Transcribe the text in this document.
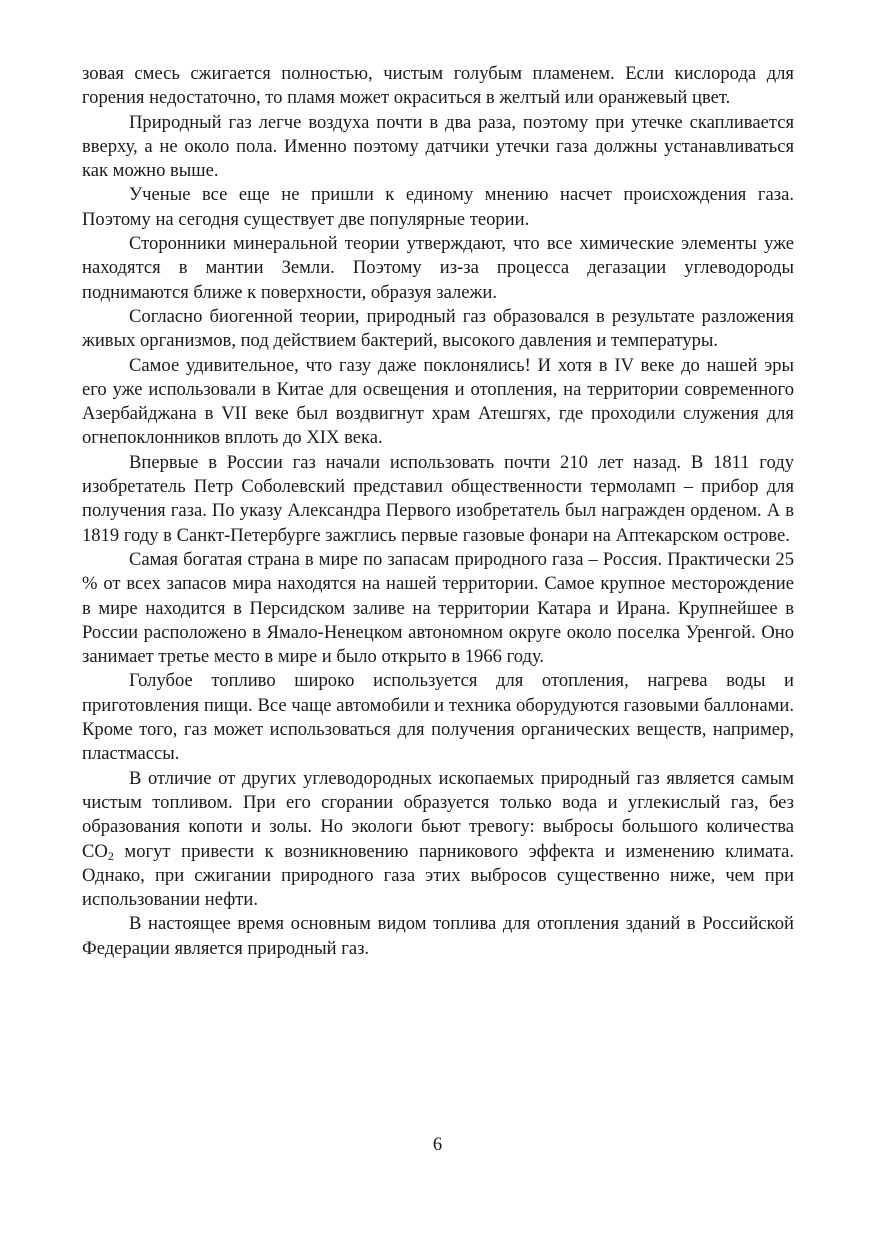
зовая смесь сжигается полностью, чистым голубым пламенем. Если кислорода для горения недостаточно, то пламя может окраситься в желтый или оранжевый цвет.

Природный газ легче воздуха почти в два раза, поэтому при утечке скапливается вверху, а не около пола. Именно поэтому датчики утечки газа должны устанавливаться как можно выше.

Ученые все еще не пришли к единому мнению насчет происхождения газа. Поэтому на сегодня существует две популярные теории.

Сторонники минеральной теории утверждают, что все химические элементы уже находятся в мантии Земли. Поэтому из-за процесса дегазации углеводороды поднимаются ближе к поверхности, образуя залежи.

Согласно биогенной теории, природный газ образовался в результате разложения живых организмов, под действием бактерий, высокого давления и температуры.

Самое удивительное, что газу даже поклонялись! И хотя в IV веке до нашей эры его уже использовали в Китае для освещения и отопления, на территории современного Азербайджана в VII веке был воздвигнут храм Атешгях, где проходили служения для огнепоклонников вплоть до XIX века.

Впервые в России газ начали использовать почти 210 лет назад. В 1811 году изобретатель Петр Соболевский представил общественности термоламп – прибор для получения газа. По указу Александра Первого изобретатель был награжден орденом. А в 1819 году в Санкт-Петербурге зажглись первые газовые фонари на Аптекарском острове.

Самая богатая страна в мире по запасам природного газа – Россия. Практически 25 % от всех запасов мира находятся на нашей территории. Самое крупное месторождение в мире находится в Персидском заливе на территории Катара и Ирана. Крупнейшее в России расположено в Ямало-Ненецком автономном округе около поселка Уренгой. Оно занимает третье место в мире и было открыто в 1966 году.

Голубое топливо широко используется для отопления, нагрева воды и приготовления пищи. Все чаще автомобили и техника оборудуются газовыми баллонами. Кроме того, газ может использоваться для получения органических веществ, например, пластмассы.

В отличие от других углеводородных ископаемых природный газ является самым чистым топливом. При его сгорании образуется только вода и углекислый газ, без образования копоти и золы. Но экологи бьют тревогу: выбросы большого количества $CO_2$ могут привести к возникновению парникового эффекта и изменению климата. Однако, при сжигании природного газа этих выбросов существенно ниже, чем при использовании нефти.

В настоящее время основным видом топлива для отопления зданий в Российской Федерации является природный газ.

6
